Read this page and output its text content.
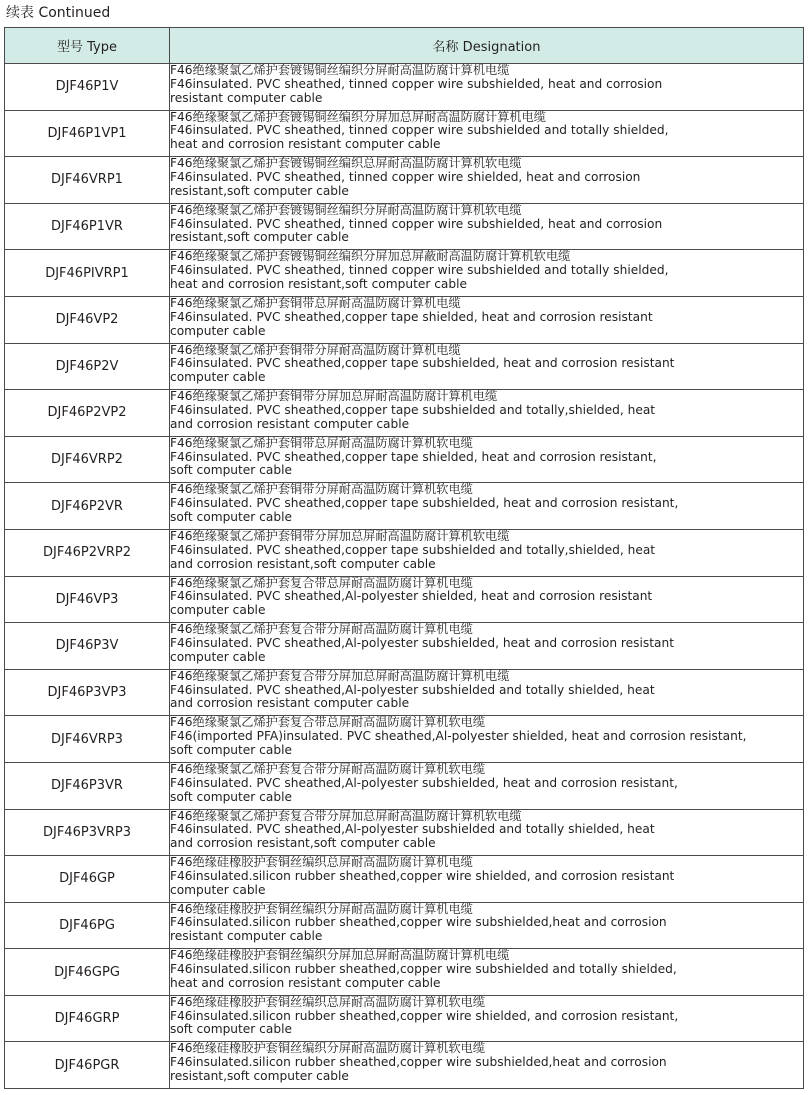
续表 Continued
型号 Type	名称 Designation
DJF46P1V	F46绝缘聚氯乙烯护套镀锡铜丝编织分屏耐高温防腐计算机电缆
F46insulated. PVC sheathed, tinned copper wire subshielded, heat and corrosion
resistant computer cable

DJF46P1VP1	F46绝缘聚氯乙烯护套镀锡铜丝编织分屏加总屏耐高温防腐计算机电缆
F46insulated. PVC sheathed, tinned copper wire subshielded and totally shielded,
heat and corrosion resistant computer cable

DJF46VRP1	F46绝缘聚氯乙烯护套镀锡铜丝编织总屏耐高温防腐计算机软电缆
F46insulated. PVC sheathed, tinned copper wire shielded, heat and corrosion
resistant,soft computer cable

DJF46P1VR	F46绝缘聚氯乙烯护套镀锡铜丝编织分屏耐高温防腐计算机软电缆
F46insulated. PVC sheathed, tinned copper wire subshielded, heat and corrosion
resistant,soft computer cable

DJF46PIVRP1	F46绝缘聚氯乙烯护套镀锡铜丝编织分屏加总屏蔽耐高温防腐计算机软电缆
F46insulated. PVC sheathed, tinned copper wire subshielded and totally shielded,
heat and corrosion resistant,soft computer cable

DJF46VP2	F46绝缘聚氯乙烯护套铜带总屏耐高温防腐计算机电缆
F46insulated. PVC sheathed,copper tape shielded, heat and corrosion resistant
computer cable

DJF46P2V	F46绝缘聚氯乙烯护套铜带分屏耐高温防腐计算机电缆
F46insulated. PVC sheathed,copper tape subshielded, heat and corrosion resistant
computer cable

DJF46P2VP2	F46绝缘聚氯乙烯护套铜带分屏加总屏耐高温防腐计算机电缆
F46insulated. PVC sheathed,copper tape subshielded and totally,shielded, heat
and corrosion resistant computer cable

DJF46VRP2	F46绝缘聚氯乙烯护套铜带总屏耐高温防腐计算机软电缆
F46insulated. PVC sheathed,copper tape shielded, heat and corrosion resistant,
soft computer cable

DJF46P2VR	F46绝缘聚氯乙烯护套铜带分屏耐高温防腐计算机软电缆
F46insulated. PVC sheathed,copper tape subshielded, heat and corrosion resistant,
soft computer cable

DJF46P2VRP2	F46绝缘聚氯乙烯护套铜带分屏加总屏耐高温防腐计算机软电缆
F46insulated. PVC sheathed,copper tape subshielded and totally,shielded, heat
and corrosion resistant,soft computer cable

DJF46VP3	F46绝缘聚氯乙烯护套复合带总屏耐高温防腐计算机电缆
F46insulated. PVC sheathed,Al-polyester shielded, heat and corrosion resistant
computer cable

DJF46P3V	F46绝缘聚氯乙烯护套复合带分屏耐高温防腐计算机电缆
F46insulated. PVC sheathed,Al-polyester subshielded, heat and corrosion resistant
computer cable

DJF46P3VP3	F46绝缘聚氯乙烯护套复合带分屏加总屏耐高温防腐计算机电缆
F46insulated. PVC sheathed,Al-polyester subshielded and totally shielded, heat
and corrosion resistant computer cable

DJF46VRP3	F46绝缘聚氯乙烯护套复合带总屏耐高温防腐计算机软电缆
F46(imported PFA)insulated. PVC sheathed,Al-polyester shielded, heat and corrosion resistant,
soft computer cable

DJF46P3VR	F46绝缘聚氯乙烯护套复合带分屏耐高温防腐计算机软电缆
F46insulated. PVC sheathed,Al-polyester subshielded, heat and corrosion resistant,
soft computer cable

DJF46P3VRP3	F46绝缘聚氯乙烯护套复合带分屏加总屏耐高温防腐计算机软电缆
F46insulated. PVC sheathed,Al-polyester subshielded and totally shielded, heat
and corrosion resistant,soft computer cable

DJF46GP	F46绝缘硅橡胶护套铜丝编织总屏耐高温防腐计算机电缆
F46insulated.silicon rubber sheathed,copper wire shielded, and corrosion resistant
computer cable

DJF46PG	F46绝缘硅橡胶护套铜丝编织分屏耐高温防腐计算机电缆
F46insulated.silicon rubber sheathed,copper wire subshielded,heat and corrosion
resistant computer cable

DJF46GPG	F46绝缘硅橡胶护套铜丝编织分屏加总屏耐高温防腐计算机电缆
F46insulated.silicon rubber sheathed,copper wire subshielded and totally shielded,
heat and corrosion resistant computer cable

DJF46GRP	F46绝缘硅橡胶护套铜丝编织总屏耐高温防腐计算机软电缆
F46insulated.silicon rubber sheathed,copper wire shielded, and corrosion resistant,
soft computer cable

DJF46PGR	F46绝缘硅橡胶护套铜丝编织分屏耐高温防腐计算机软电缆
F46insulated.silicon rubber sheathed,copper wire subshielded,heat and corrosion
resistant,soft computer cable
